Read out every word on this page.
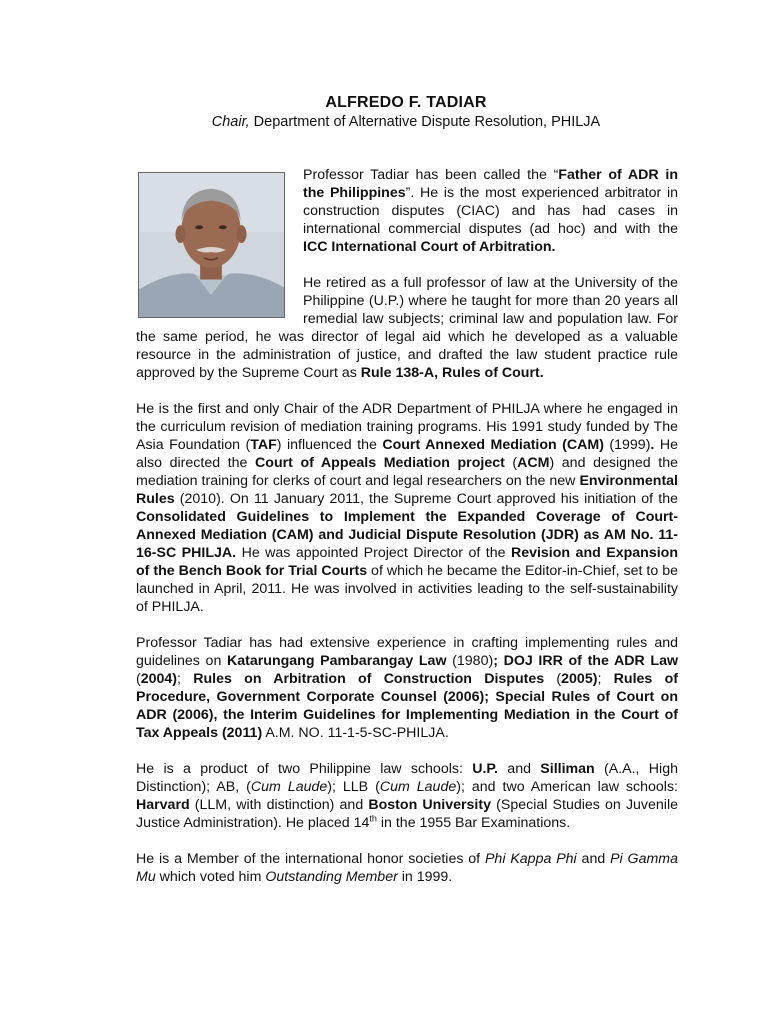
ALFREDO F. TADIAR
Chair, Department of Alternative Dispute Resolution, PHILJA

Professor Tadiar has been called the “Father of ADR in the Philippines”. He is the most experienced arbitrator in construction disputes (CIAC) and has had cases in international commercial disputes (ad hoc) and with the ICC International Court of Arbitration.

He retired as a full professor of law at the University of the Philippine (U.P.) where he taught for more than 20 years all remedial law subjects; criminal law and population law. For the same period, he was director of legal aid which he developed as a valuable resource in the administration of justice, and drafted the law student practice rule approved by the Supreme Court as Rule 138-A, Rules of Court.

He is the first and only Chair of the ADR Department of PHILJA where he engaged in the curriculum revision of mediation training programs. His 1991 study funded by The Asia Foundation (TAF) influenced the Court Annexed Mediation (CAM) (1999). He also directed the Court of Appeals Mediation project (ACM) and designed the mediation training for clerks of court and legal researchers on the new Environmental Rules (2010). On 11 January 2011, the Supreme Court approved his initiation of the Consolidated Guidelines to Implement the Expanded Coverage of Court-Annexed Mediation (CAM) and Judicial Dispute Resolution (JDR) as AM No. 11-16-SC PHILJA. He was appointed Project Director of the Revision and Expansion of the Bench Book for Trial Courts of which he became the Editor-in-Chief, set to be launched in April, 2011. He was involved in activities leading to the self-sustainability of PHILJA.

Professor Tadiar has had extensive experience in crafting implementing rules and guidelines on Katarungang Pambarangay Law (1980); DOJ IRR of the ADR Law (2004); Rules on Arbitration of Construction Disputes (2005); Rules of Procedure, Government Corporate Counsel (2006); Special Rules of Court on ADR (2006), the Interim Guidelines for Implementing Mediation in the Court of Tax Appeals (2011) A.M. NO. 11-1-5-SC-PHILJA.

He is a product of two Philippine law schools: U.P. and Silliman (A.A., High Distinction); AB, (Cum Laude); LLB (Cum Laude); and two American law schools: Harvard (LLM, with distinction) and Boston University (Special Studies on Juvenile Justice Administration). He placed 14th in the 1955 Bar Examinations.

He is a Member of the international honor societies of Phi Kappa Phi and Pi Gamma Mu which voted him Outstanding Member in 1999.
